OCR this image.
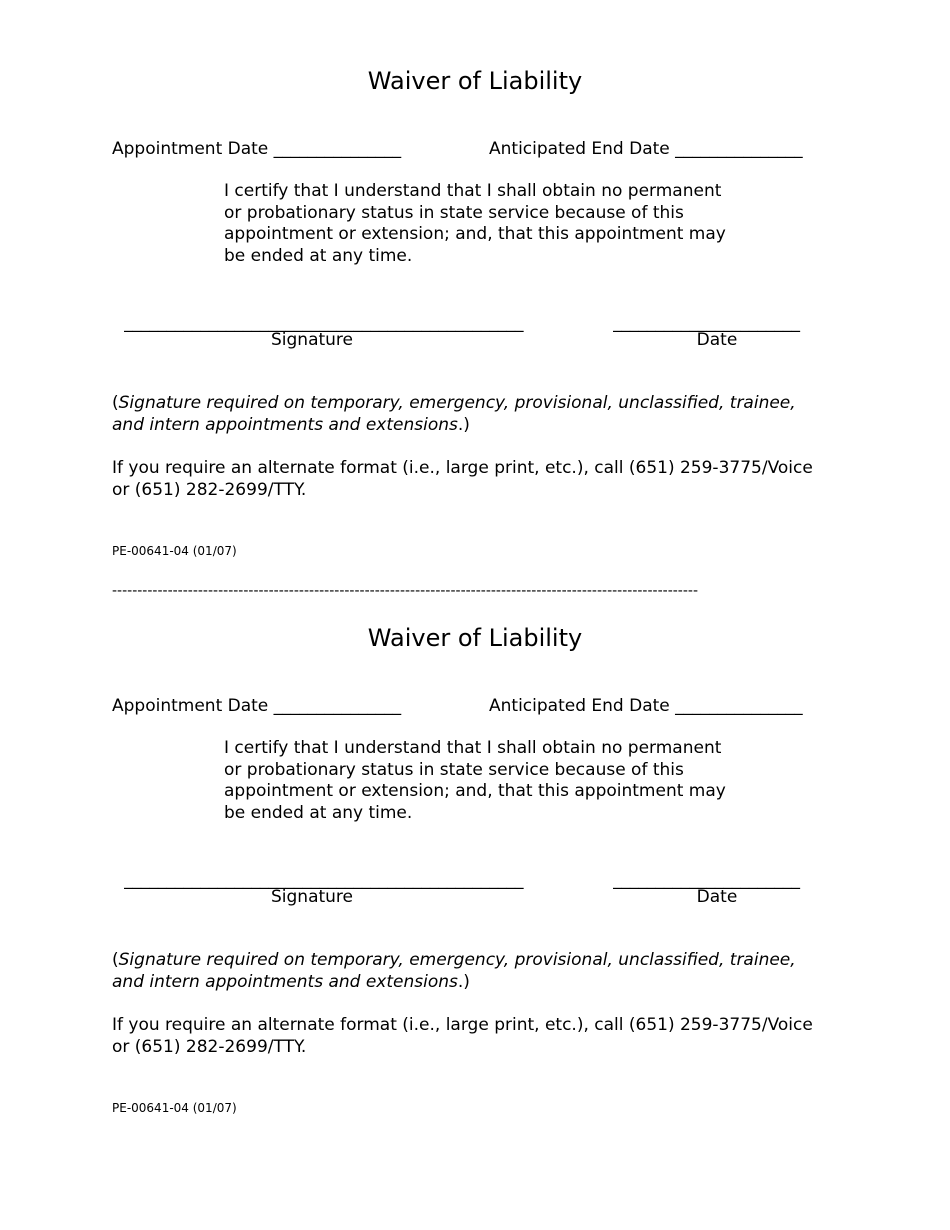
Waiver of Liability
Appointment Date _______________	Anticipated End Date _______________
I certify that I understand that I shall obtain no permanent or probationary status in state service because of this appointment or extension; and, that this appointment may be ended at any time.
_______________________________________________	______________________
Signature	Date
(Signature required on temporary, emergency, provisional, unclassified, trainee, and intern appointments and extensions.)
If you require an alternate format (i.e., large print, etc.), call (651) 259-3775/Voice or (651) 282-2699/TTY.
PE-00641-04 (01/07)
--------------------------------------------------------------------------------------------------------------------
Waiver of Liability
Appointment Date _______________	Anticipated End Date _______________
I certify that I understand that I shall obtain no permanent or probationary status in state service because of this appointment or extension; and, that this appointment may be ended at any time.
_______________________________________________	______________________
Signature	Date
(Signature required on temporary, emergency, provisional, unclassified, trainee, and intern appointments and extensions.)
If you require an alternate format (i.e., large print, etc.), call (651) 259-3775/Voice or (651) 282-2699/TTY.
PE-00641-04 (01/07)
